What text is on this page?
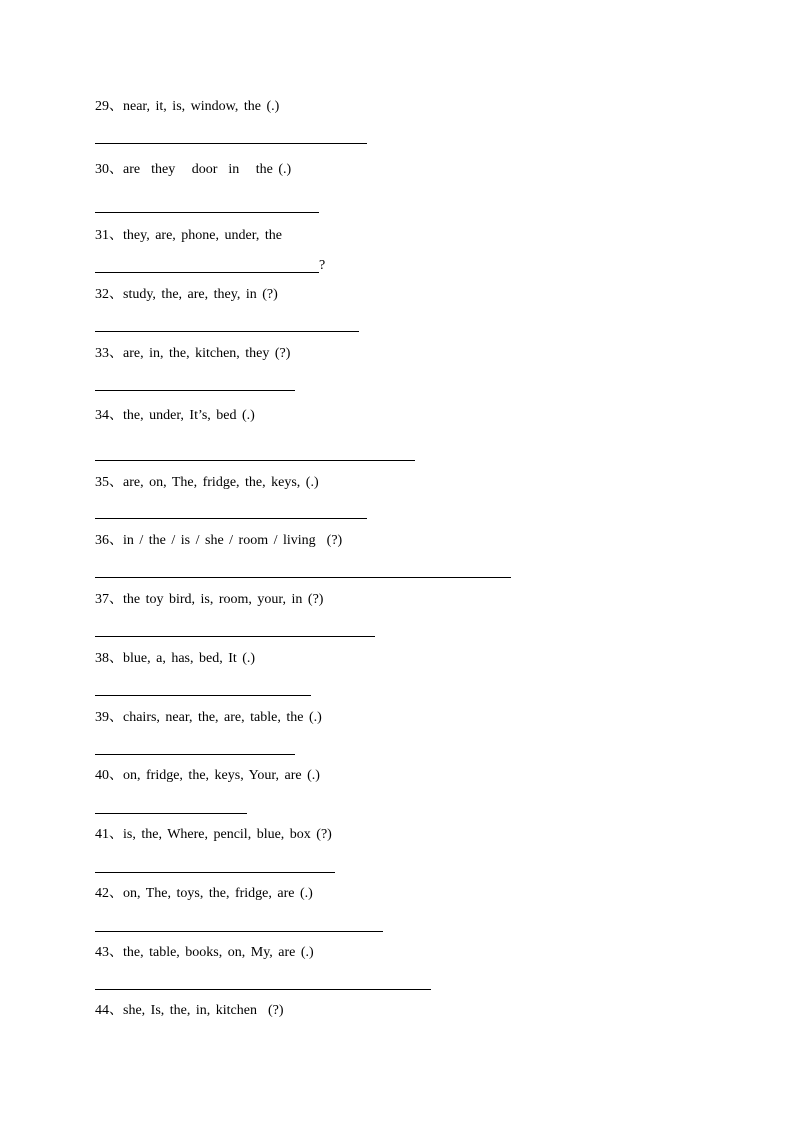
29、near, it, is, window, the (.)
30、are  they   door  in   the (.)
31、they, are, phone, under, the
?
32、study, the, are, they, in (?)
33、are, in, the, kitchen, they (?)
34、the, under, It’s, bed (.)
35、are, on, The, fridge, the, keys, (.)
36、in / the / is / she / room / living  (?)
37、the toy bird, is, room, your, in (?)
38、blue, a, has, bed, It (.)
39、chairs, near, the, are, table, the (.)
40、on, fridge, the, keys, Your, are (.)
41、is, the, Where, pencil, blue, box (?)
42、on, The, toys, the, fridge, are (.)
43、the, table, books, on, My, are (.)
44、she, Is, the, in, kitchen  (?)
